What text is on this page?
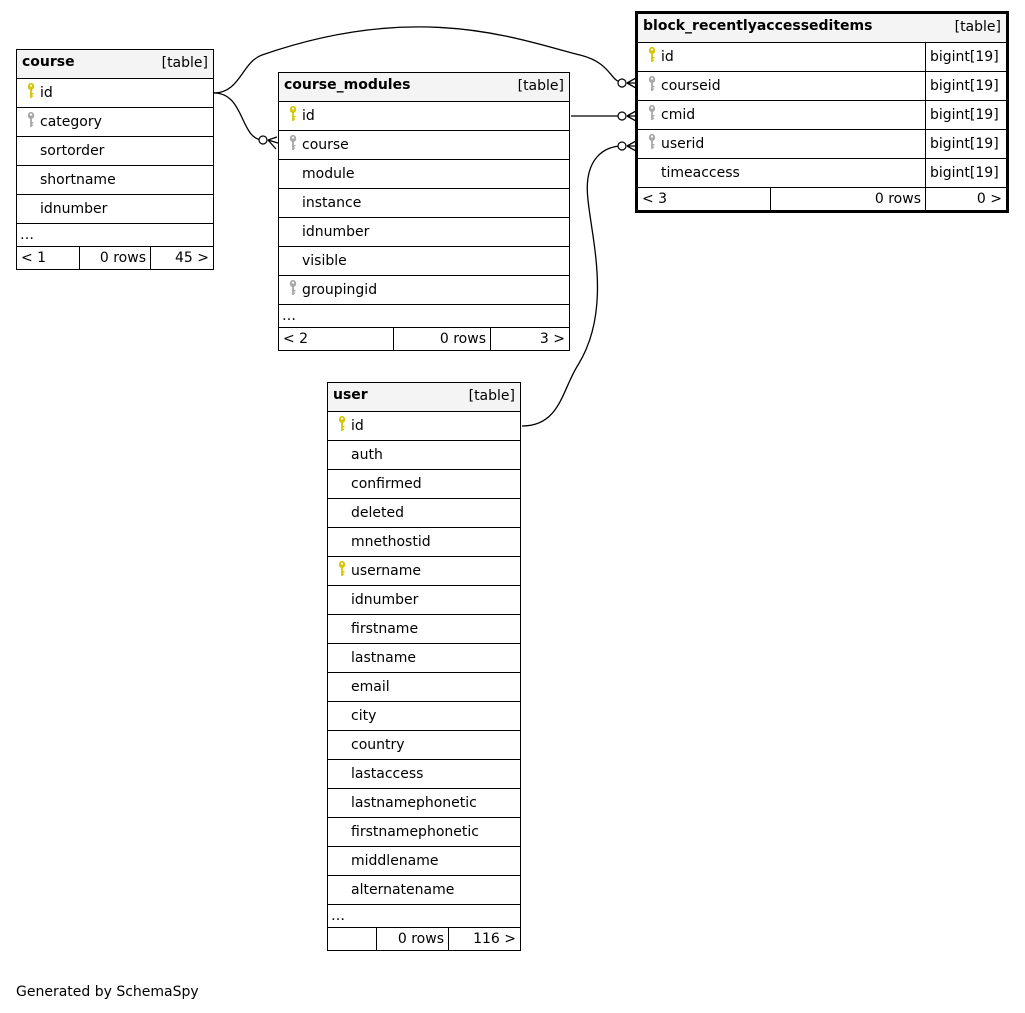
course	[table]

id
category
sortorder
shortname
idnumber
…
< 1	0 rows	45 >
course_modules	[table]

id
course
module
instance
idnumber
visible
groupingid
…
< 2	0 rows	3 >
block_recentlyaccesseditems [table]		

id		bigint[19]
courseid		bigint[19]
cmid		bigint[19]
userid		bigint[19]
timeaccess		bigint[19]
< 3	0 rows	0 >
user	[table]

id
auth
confirmed
deleted
mnethostid
username
idnumber
firstname
lastname
email
city
country
lastaccess
lastnamephonetic
firstnamephonetic
middlename
alternatename
…
	0 rows	116 >
Generated by SchemaSpy
